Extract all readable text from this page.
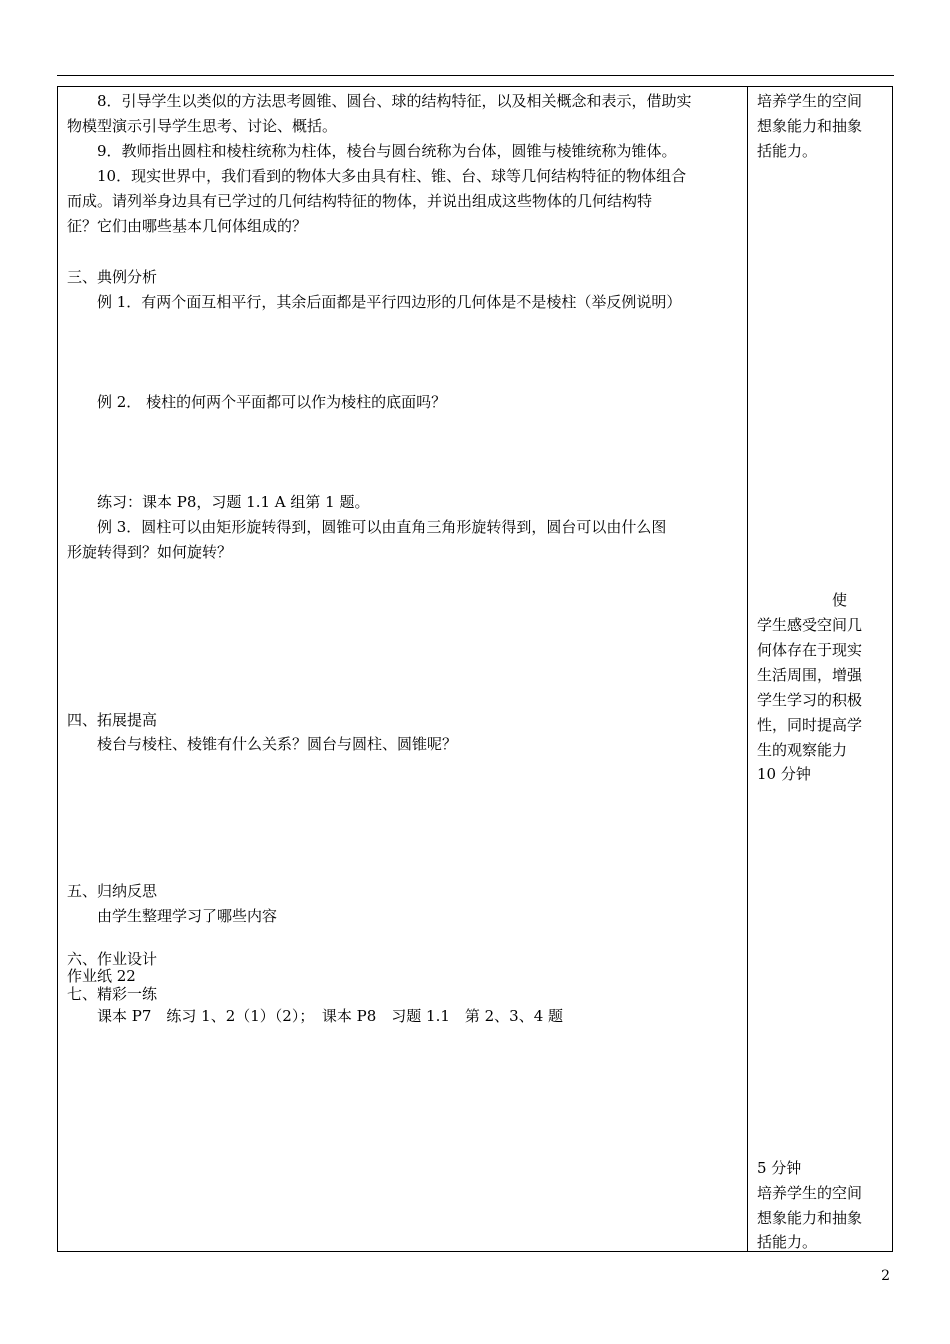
　　8．引导学生以类似的方法思考圆锥、圆台、球的结构特征，以及相关概念和表示，借助实
物模型演示引导学生思考、讨论、概括。
　　9．教师指出圆柱和棱柱统称为柱体，棱台与圆台统称为台体，圆锥与棱锥统称为锥体。
　　10．现实世界中，我们看到的物体大多由具有柱、锥、台、球等几何结构特征的物体组合
而成。请列举身边具有已学过的几何结构特征的物体，并说出组成这些物体的几何结构特
征？它们由哪些基本几何体组成的？
三、典例分析
　　例 1．有两个面互相平行，其余后面都是平行四边形的几何体是不是棱柱（举反例说明）
　　例 2． 棱柱的何两个平面都可以作为棱柱的底面吗？
　　练习：课本 P8，习题 1.1 A 组第 1 题。
　　例 3．圆柱可以由矩形旋转得到，圆锥可以由直角三角形旋转得到，圆台可以由什么图
形旋转得到？如何旋转？
四、拓展提高
　　棱台与棱柱、棱锥有什么关系？圆台与圆柱、圆锥呢？
五、归纳反思
　　由学生整理学习了哪些内容
六、作业设计
作业纸 22
七、精彩一练
　　课本 P7　练习 1、2（1）（2）；　课本 P8　习题 1.1　第 2、3、4 题
培养学生的空间
想象能力和抽象
括能力。
　　　　　使
学生感受空间几
何体存在于现实
生活周围，增强
学生学习的积极
性，同时提高学
生的观察能力
10 分钟
5 分钟
培养学生的空间
想象能力和抽象
括能力。
2
